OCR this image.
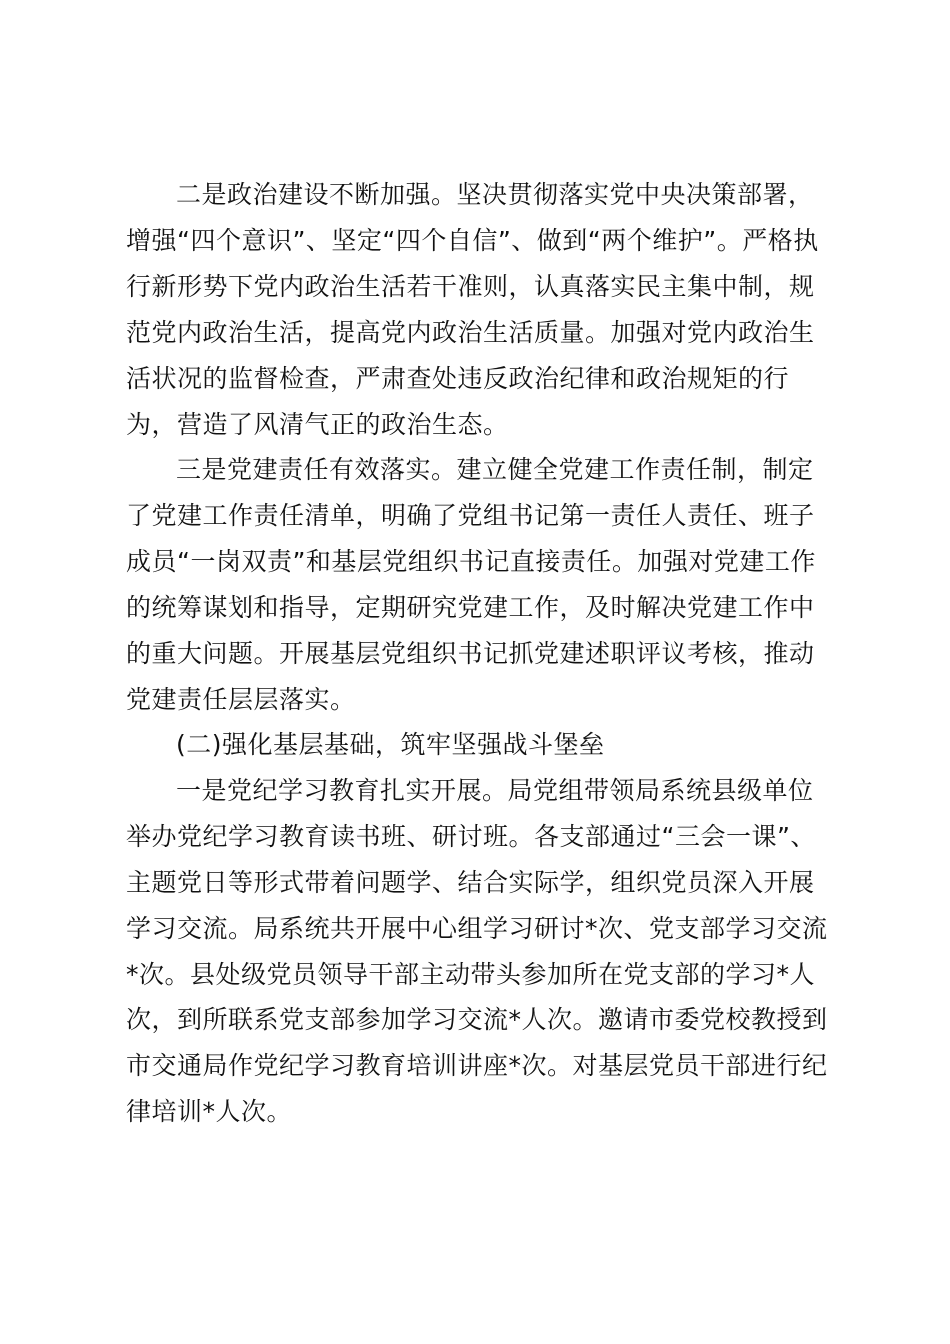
二是政治建设不断加强。坚决贯彻落实党中央决策部署，
增强“四个意识”、坚定“四个自信”、做到“两个维护”。严格执
行新形势下党内政治生活若干准则，认真落实民主集中制，规
范党内政治生活，提高党内政治生活质量。加强对党内政治生
活状况的监督检查，严肃查处违反政治纪律和政治规矩的行
为，营造了风清气正的政治生态。
三是党建责任有效落实。建立健全党建工作责任制，制定
了党建工作责任清单，明确了党组书记第一责任人责任、班子
成员“一岗双责”和基层党组织书记直接责任。加强对党建工作
的统筹谋划和指导，定期研究党建工作，及时解决党建工作中
的重大问题。开展基层党组织书记抓党建述职评议考核，推动
党建责任层层落实。
(二)强化基层基础，筑牢坚强战斗堡垒
一是党纪学习教育扎实开展。局党组带领局系统县级单位
举办党纪学习教育读书班、研讨班。各支部通过“三会一课”、
主题党日等形式带着问题学、结合实际学，组织党员深入开展
学习交流。局系统共开展中心组学习研讨*次、党支部学习交流
*次。县处级党员领导干部主动带头参加所在党支部的学习*人
次，到所联系党支部参加学习交流*人次。邀请市委党校教授到
市交通局作党纪学习教育培训讲座*次。对基层党员干部进行纪
律培训*人次。
